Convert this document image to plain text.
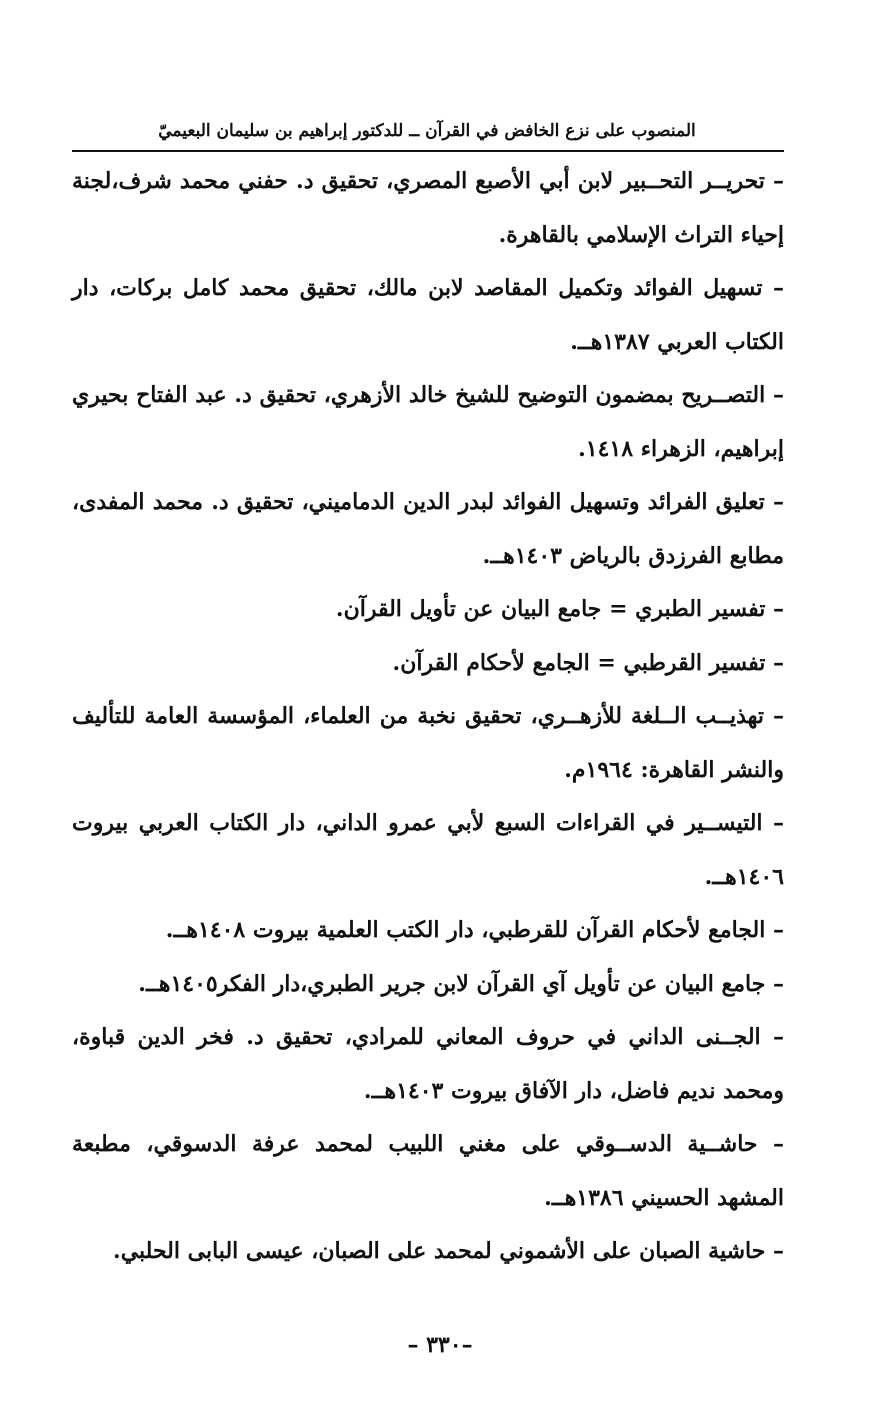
المنصوب على نزع الخافض في القرآن ــ للدكتور إبراهيم بن سليمان البعيميّ
– تحريــر التحــبير لابن أبي الأصبع المصري، تحقيق د. حفني محمد شرف،لجنة إحياء التراث الإسلامي بالقاهرة.
– تسهيل الفوائد وتكميل المقاصد لابن مالك، تحقيق محمد كامل بركات، دار الكتاب العربي ١٣٨٧هــ.
– التصــريح بمضمون التوضيح للشيخ خالد الأزهري، تحقيق د. عبد الفتاح بحيري إبراهيم، الزهراء ١٤١٨.
– تعليق الفرائد وتسهيل الفوائد لبدر الدين الدماميني، تحقيق د. محمد المفدى، مطابع الفرزدق بالرياض ١٤٠٣هــ.
– تفسير الطبري = جامع البيان عن تأويل القرآن.
– تفسير القرطبي = الجامع لأحكام القرآن.
– تهذيــب الــلغة للأزهــري، تحقيق نخبة من العلماء، المؤسسة العامة للتأليف والنشر القاهرة: ١٩٦٤م.
– التيســير في القراءات السبع لأبي عمرو الداني، دار الكتاب العربي بيروت ١٤٠٦هــ.
– الجامع لأحكام القرآن للقرطبي، دار الكتب العلمية بيروت ١٤٠٨هــ.
– جامع البيان عن تأويل آي القرآن لابن جرير الطبري،دار الفكر١٤٠٥هــ.
– الجــنى الداني في حروف المعاني للمرادي، تحقيق د. فخر الدين قباوة، ومحمد نديم فاضل، دار الآفاق بيروت ١٤٠٣هــ.
– حاشــية الدســوقي على مغني اللبيب لمحمد عرفة الدسوقي، مطبعة المشهد الحسيني ١٣٨٦هــ.
– حاشية الصبان على الأشموني لمحمد على الصبان، عيسى البابى الحلبي.
–٣٣٠ –
